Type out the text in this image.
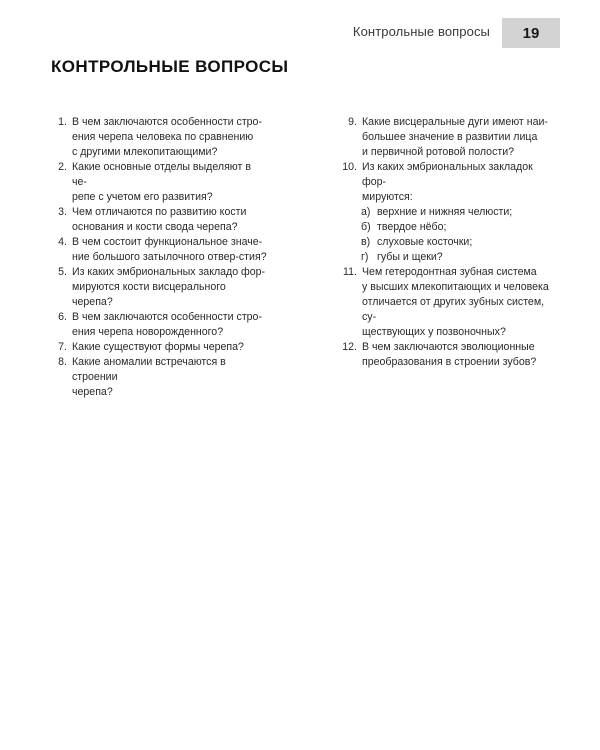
Контрольные вопросы	19
КОНТРОЛЬНЫЕ ВОПРОСЫ
1. В чем заключаются особенности стро-
ения черепа человека по сравнению
с другими млекопитающими?
2. Какие основные отделы выделяют в че-
репе с учетом его развития?
3. Чем отличаются по развитию кости
основания и кости свода черепа?
4. В чем состоит функциональное значе-
ние большого затылочного отвер-стия?
5. Из каких эмбриональных закладо фор-
мируются кости висцерального черепа?
6. В чем заключаются особенности стро-
ения черепа новорожденного?
7. Какие существуют формы черепа?
8. Какие аномалии встречаются в строении
черепа?
9. Какие висцеральные дуги имеют наи-
большее значение в развитии лица
и первичной ротовой полости?
10. Из каких эмбриональных закладок фор-
мируются:
а) верхние и нижняя челюсти;
б) твердое нёбо;
в) слуховые косточки;
г) губы и щеки?
11. Чем гетеродонтная зубная система
у высших млекопитающих и человека
отличается от других зубных систем, су-
ществующих у позвоночных?
12. В чем заключаются эволюционные
преобразования в строении зубов?
